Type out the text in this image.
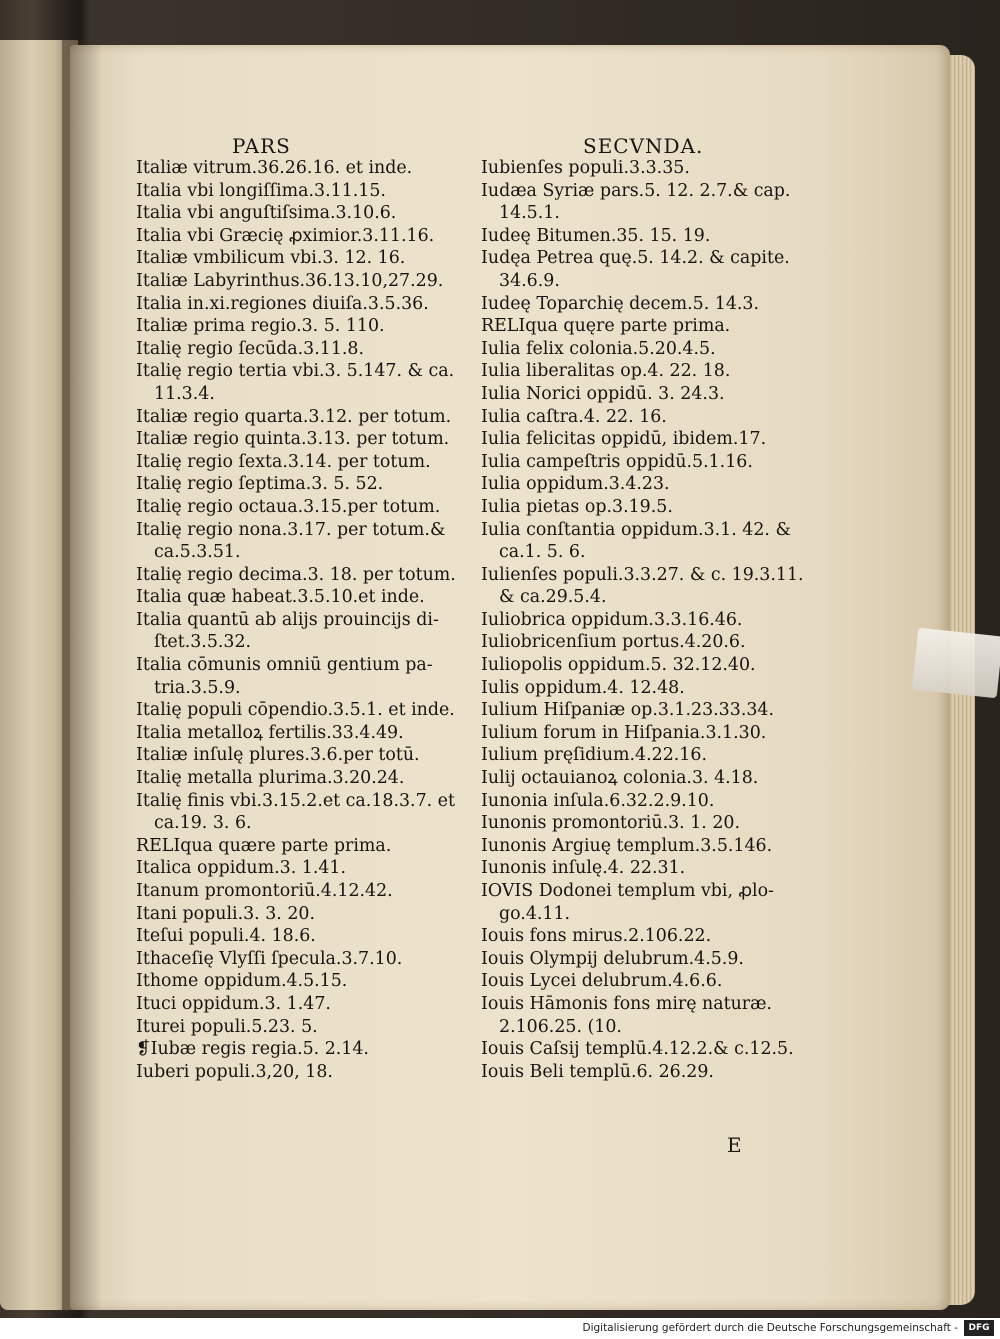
PARS	SECVNDA.

Italiæ vitrum.36.26.16. et inde.
Italia vbi longiſſima.3.11.15.
Italia vbi anguſtiſsima.3.10.6.
Italia vbi Græcię ꝓximior.3.11.16.
Italiæ vmbilicum vbi.3. 12. 16.
Italiæ Labyrinthus.36.13.10,27.29.
Italia in.xi.regiones diuiſa.3.5.36.
Italiæ prima regio.3. 5. 110.
Italię regio ſecūda.3.11.8.
Italię regio tertia vbi.3. 5.147. & ca.
11.3.4.
Italiæ regio quarta.3.12. per totum.
Italiæ regio quinta.3.13. per totum.
Italię regio ſexta.3.14. per totum.
Italię regio ſeptima.3. 5. 52.
Italię regio octaua.3.15.per totum.
Italię regio nona.3.17. per totum.&
ca.5.3.51.
Italię regio decima.3. 18. per totum.
Italia quæ habeat.3.5.10.et inde.
Italia quantū ab alijs prouincijs di-
ſtet.3.5.32.
Italia cōmunis omniū gentium pa-
tria.3.5.9.
Italię populi cōpendio.3.5.1. et inde.
Italia metalloꝝ fertilis.33.4.49.
Italiæ inſulę plures.3.6.per totū.
Italię metalla plurima.3.20.24.
Italię finis vbi.3.15.2.et ca.18.3.7. et
ca.19. 3. 6.
RELIqua quære parte prima.
Italica oppidum.3. 1.41.
Itanum promontoriū.4.12.42.
Itani populi.3. 3. 20.
Iteſui populi.4. 18.6.
Ithaceſię Vlyſſi ſpecula.3.7.10.
Ithome oppidum.4.5.15.
Ituci oppidum.3. 1.47.
Iturei populi.5.23. 5.
❡Iubæ regis regia.5. 2.14.
Iuberi populi.3,20, 18.
Iubienſes populi.3.3.35.
Iudæa Syriæ pars.5. 12. 2.7.& cap.
14.5.1.
Iudeę Bitumen.35. 15. 19.
Iudęa Petrea quę.5. 14.2. & capite.
34.6.9.
Iudeę Toparchię decem.5. 14.3.
RELIqua quęre parte prima.
Iulia felix colonia.5.20.4.5.
Iulia liberalitas op.4. 22. 18.
Iulia Norici oppidū. 3. 24.3.
Iulia caſtra.4. 22. 16.
Iulia felicitas oppidū, ibidem.17.
Iulia campeſtris oppidū.5.1.16.
Iulia oppidum.3.4.23.
Iulia pietas op.3.19.5.
Iulia conſtantia oppidum.3.1. 42. &
ca.1. 5. 6.
Iulienſes populi.3.3.27. & c. 19.3.11.
& ca.29.5.4.
Iuliobrica oppidum.3.3.16.46.
Iuliobricenſium portus.4.20.6.
Iuliopolis oppidum.5. 32.12.40.
Iulis oppidum.4. 12.48.
Iulium Hiſpaniæ op.3.1.23.33.34.
Iulium forum in Hiſpania.3.1.30.
Iulium pręſidium.4.22.16.
Iulij octauianoꝝ colonia.3. 4.18.
Iunonia inſula.6.32.2.9.10.
Iunonis promontoriū.3. 1. 20.
Iunonis Argiuę templum.3.5.146.
Iunonis inſulę.4. 22.31.
IOVIS Dodonei templum vbi, ꝓlo-
go.4.11.
Iouis fons mirus.2.106.22.
Iouis Olympij delubrum.4.5.9.
Iouis Lycei delubrum.4.6.6.
Iouis Hāmonis fons mirę naturæ.
2.106.25. (10.
Iouis Caſsij templū.4.12.2.& c.12.5.
Iouis Beli templū.6. 26.29.

E

Digitalisierung gefördert durch die Deutsche Forschungsgemeinschaft -	DFG
